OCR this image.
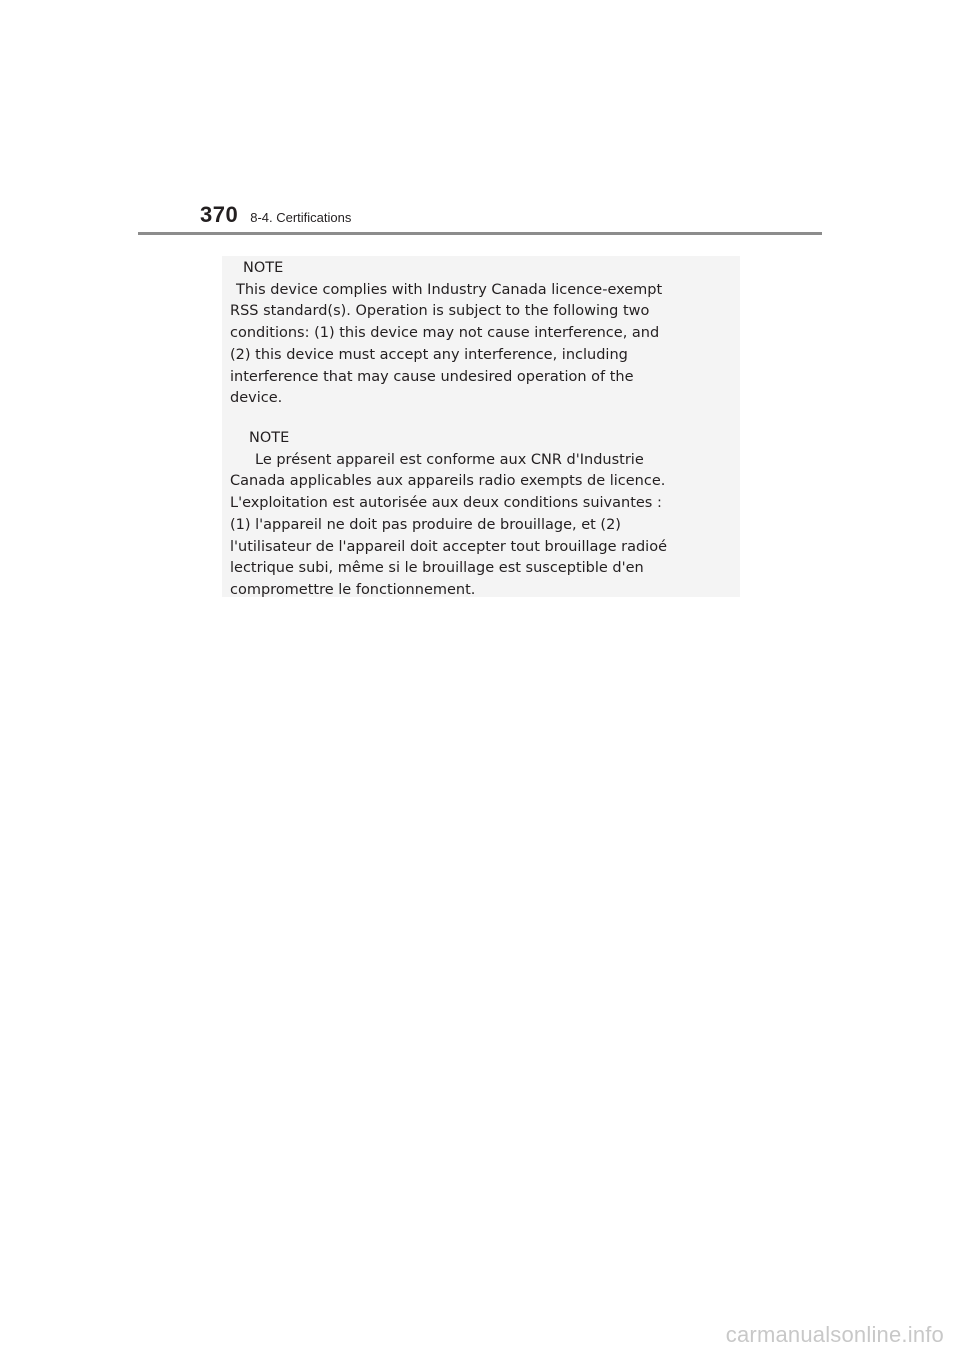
370 8-4. Certifications
NOTE
This device complies with Industry Canada licence-exempt
RSS standard(s). Operation is subject to the following two
conditions: (1) this device may not cause interference, and
(2) this device must accept any interference, including
interference that may cause undesired operation of the
device.
NOTE
Le présent appareil est conforme aux CNR d'Industrie
Canada applicables aux appareils radio exempts de licence.
L'exploitation est autorisée aux deux conditions suivantes :
(1) l'appareil ne doit pas produire de brouillage, et (2)
l'utilisateur de l'appareil doit accepter tout brouillage radioé
lectrique subi, même si le brouillage est susceptible d'en
compromettre le fonctionnement.
carmanualsonline.info
